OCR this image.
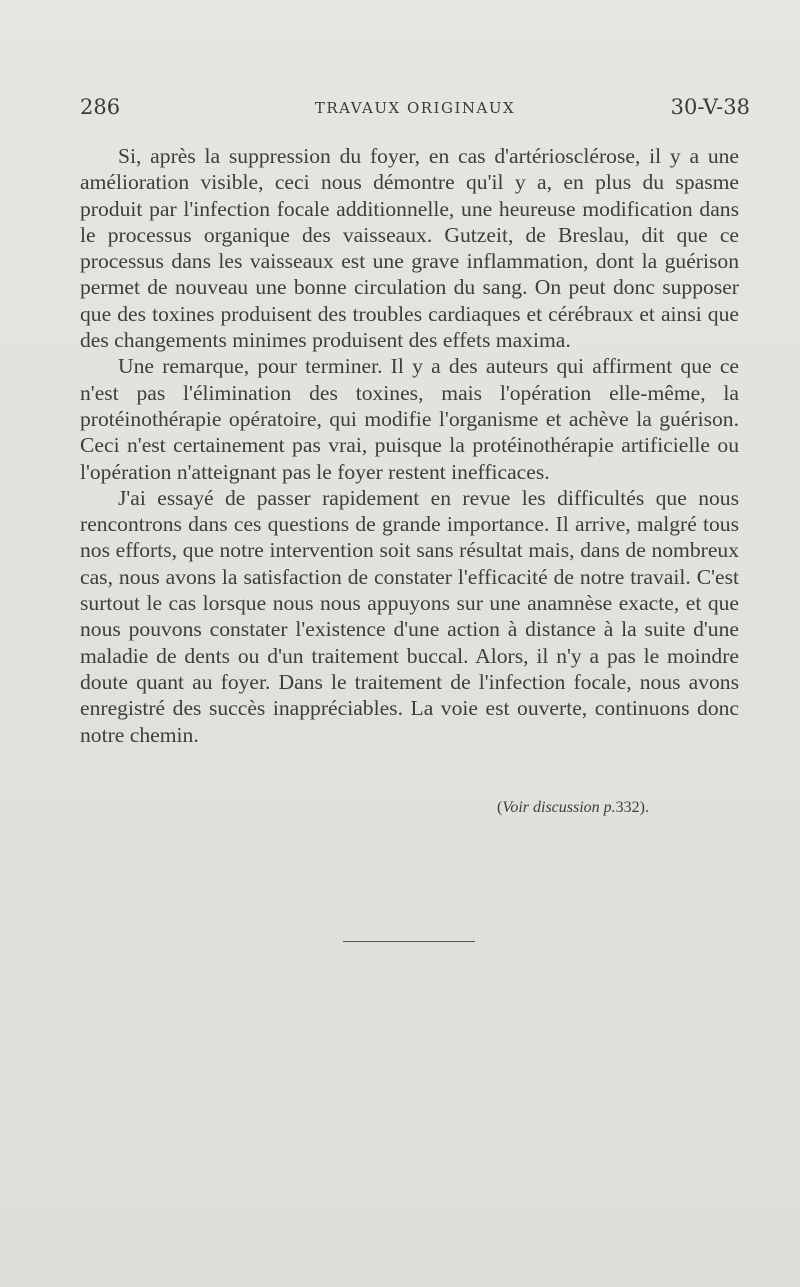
286	TRAVAUX ORIGINAUX	30-V-38

Si, après la suppression du foyer, en cas d'artériosclérose, il y a une amélioration visible, ceci nous démontre qu'il y a, en plus du spasme produit par l'infection focale additionnelle, une heureuse modification dans le processus organique des vaisseaux. Gutzeit, de Breslau, dit que ce processus dans les vaisseaux est une grave inflammation, dont la guérison permet de nouveau une bonne circulation du sang. On peut donc supposer que des toxines produisent des troubles cardiaques et cérébraux et ainsi que des changements minimes produisent des effets maxima.

Une remarque, pour terminer. Il y a des auteurs qui affirment que ce n'est pas l'élimination des toxines, mais l'opération elle-même, la protéinothérapie opératoire, qui modifie l'organisme et achève la guérison. Ceci n'est certainement pas vrai, puisque la protéinothérapie artificielle ou l'opération n'atteignant pas le foyer restent inefficaces.

J'ai essayé de passer rapidement en revue les difficultés que nous rencontrons dans ces questions de grande importance. Il arrive, malgré tous nos efforts, que notre intervention soit sans résultat mais, dans de nombreux cas, nous avons la satisfaction de constater l'efficacité de notre travail. C'est surtout le cas lorsque nous nous appuyons sur une anamnèse exacte, et que nous pouvons constater l'existence d'une action à distance à la suite d'une maladie de dents ou d'un traitement buccal. Alors, il n'y a pas le moindre doute quant au foyer. Dans le traitement de l'infection focale, nous avons enregistré des succès inappréciables. La voie est ouverte, continuons donc notre chemin.

(Voir discussion p.332).
